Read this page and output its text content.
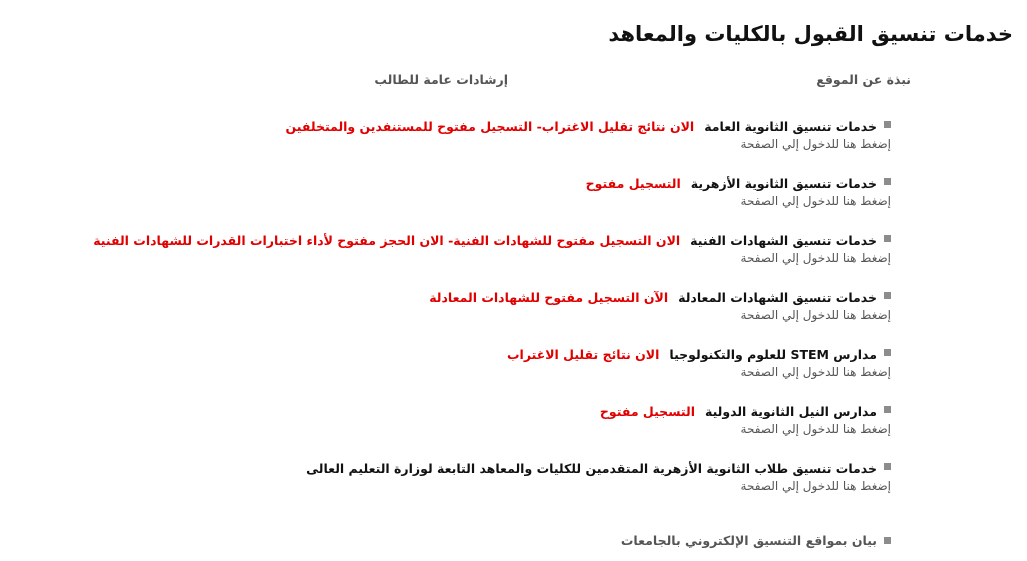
خدمات تنسيق القبول بالكليات والمعاهد
نبذة عن الموقع
إرشادات عامة للطالب
خدمات تنسيق الثانوية العامة الان نتائج تقليل الاغتراب- التسجيل مفتوح للمستنفدين والمتخلفين
إضغط هنا للدخول إلي الصفحة
خدمات تنسيق الثانوية الأزهرية التسجيل مفتوح
إضغط هنا للدخول إلي الصفحة
خدمات تنسيق الشهادات الفنية الان التسجيل مفتوح للشهادات الفنية- الان الحجز مفتوح لأداء اختبارات القدرات للشهادات الفنية
إضغط هنا للدخول إلي الصفحة
خدمات تنسيق الشهادات المعادلة الآن التسجيل مفتوح للشهادات المعادلة
إضغط هنا للدخول إلي الصفحة
مدارس STEM للعلوم والتكنولوجيا الان نتائج تقليل الاغتراب
إضغط هنا للدخول إلي الصفحة
مدارس النيل الثانوية الدولية التسجيل مفتوح
إضغط هنا للدخول إلي الصفحة
خدمات تنسيق طلاب الثانوية الأزهرية المتقدمين للكليات والمعاهد التابعة لوزارة التعليم العالى
إضغط هنا للدخول إلي الصفحة
بيان بمواقع التنسيق الإلكتروني بالجامعات
